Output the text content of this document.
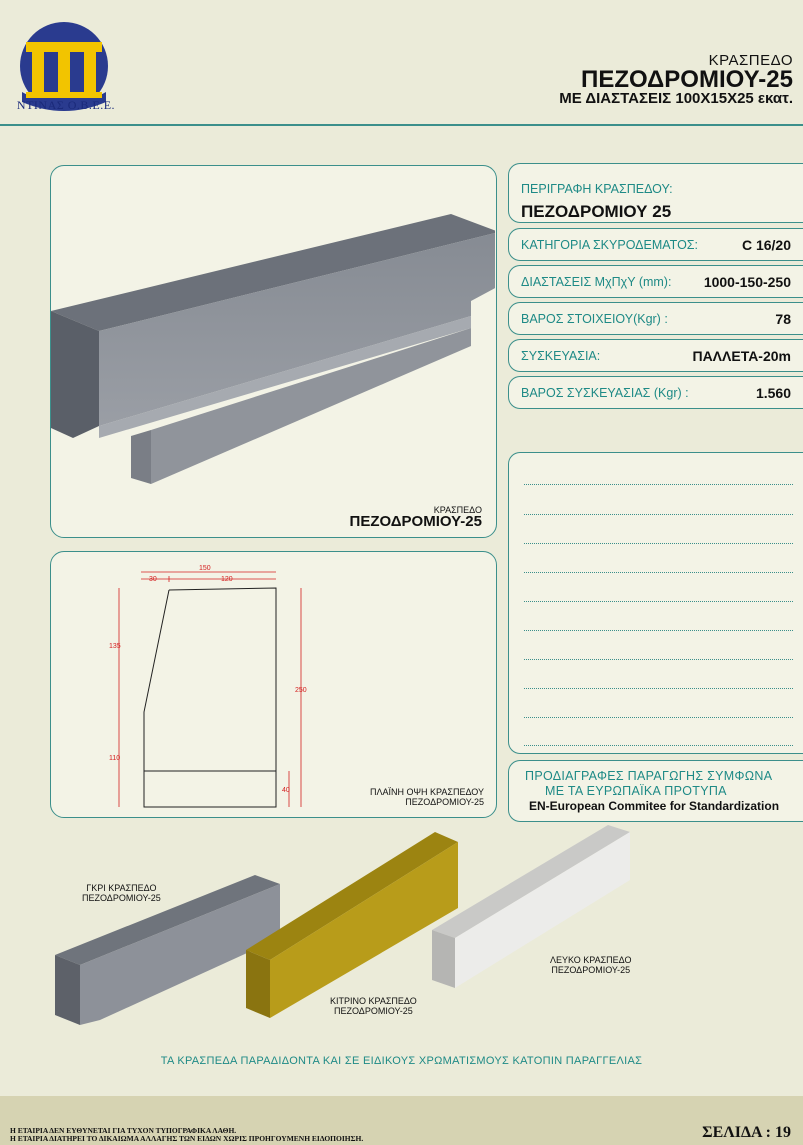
ΝΤΙΝΑΣ Ο.Β.Ε.Ε.
ΚΡΑΣΠΕΔΟ
ΠΕΖΟΔΡΟΜΙΟΥ-25
ΜΕ ΔΙΑΣΤΑΣΕΙΣ 100Χ15Χ25 εκατ.
ΚΡΑΣΠΕΔΟ
ΠΕΖΟΔΡΟΜΙΟΥ-25
150
30	120
135
110
250
40	ΠΛΑΪΝΗ ΟΨΗ ΚΡΑΣΠΕΔΟΥ
ΠΕΖΟΔΡΟΜΙΟΥ-25
ΠΕΡΙΓΡΑΦΗ ΚΡΑΣΠΕΔΟΥ:
ΠΕΖΟΔΡΟΜΙΟΥ 25
ΚΑΤΗΓΟΡΙΑ ΣΚΥΡΟΔΕΜΑΤΟΣ:	C 16/20
ΔΙΑΣΤΑΣΕΙΣ ΜχΠχΥ (mm): 1000-150-250
ΒΑΡΟΣ ΣΤΟΙΧΕΙΟΥ(Kgr) :	78
ΣΥΣΚΕΥΑΣΙΑ:	ΠΑΛΛΕΤΑ-20m
ΒΑΡΟΣ ΣΥΣΚΕΥΑΣΙΑΣ (Kgr) :	1.560
ΠΡΟΔΙΑΓΡΑΦΕΣ ΠΑΡΑΓΩΓΗΣ ΣΥΜΦΩΝΑ
ΜΕ ΤΑ ΕΥΡΩΠΑΪΚΑ ΠΡΟΤΥΠΑ
EN-European Commitee for Standardization
ΓΚΡΙ ΚΡΑΣΠΕΔΟ
ΠΕΖΟΔΡΟΜΙΟΥ-25
ΚΙΤΡΙΝΟ ΚΡΑΣΠΕΔΟ
ΠΕΖΟΔΡΟΜΙΟΥ-25
ΛΕΥΚΟ ΚΡΑΣΠΕΔΟ
ΠΕΖΟΔΡΟΜΙΟΥ-25
ΤΑ ΚΡΑΣΠΕΔΑ ΠΑΡΑΔΙΔΟΝΤΑ ΚΑΙ ΣΕ ΕΙΔΙΚΟΥΣ ΧΡΩΜΑΤΙΣΜΟΥΣ ΚΑΤΟΠΙΝ ΠΑΡΑΓΓΕΛΙΑΣ
Η ΕΤΑΙΡΙΑ ΔΕΝ ΕΥΘΥΝΕΤΑΙ ΓΙΑ ΤΥΧΟΝ ΤΥΠΟΓΡΑΦΙΚΑ ΛΑΘΗ.
Η ΕΤΑΙΡΙΑ ΔΙΑΤΗΡΕΙ ΤΟ ΔΙΚΑΙΩΜΑ ΑΛΛΑΓΗΣ ΤΩΝ ΕΙΔΩΝ ΧΩΡΙΣ ΠΡΟΗΓΟΥΜΕΝΗ ΕΙΔΟΠΟΙΗΣΗ.	ΣΕΛΙΔΑ : 19
